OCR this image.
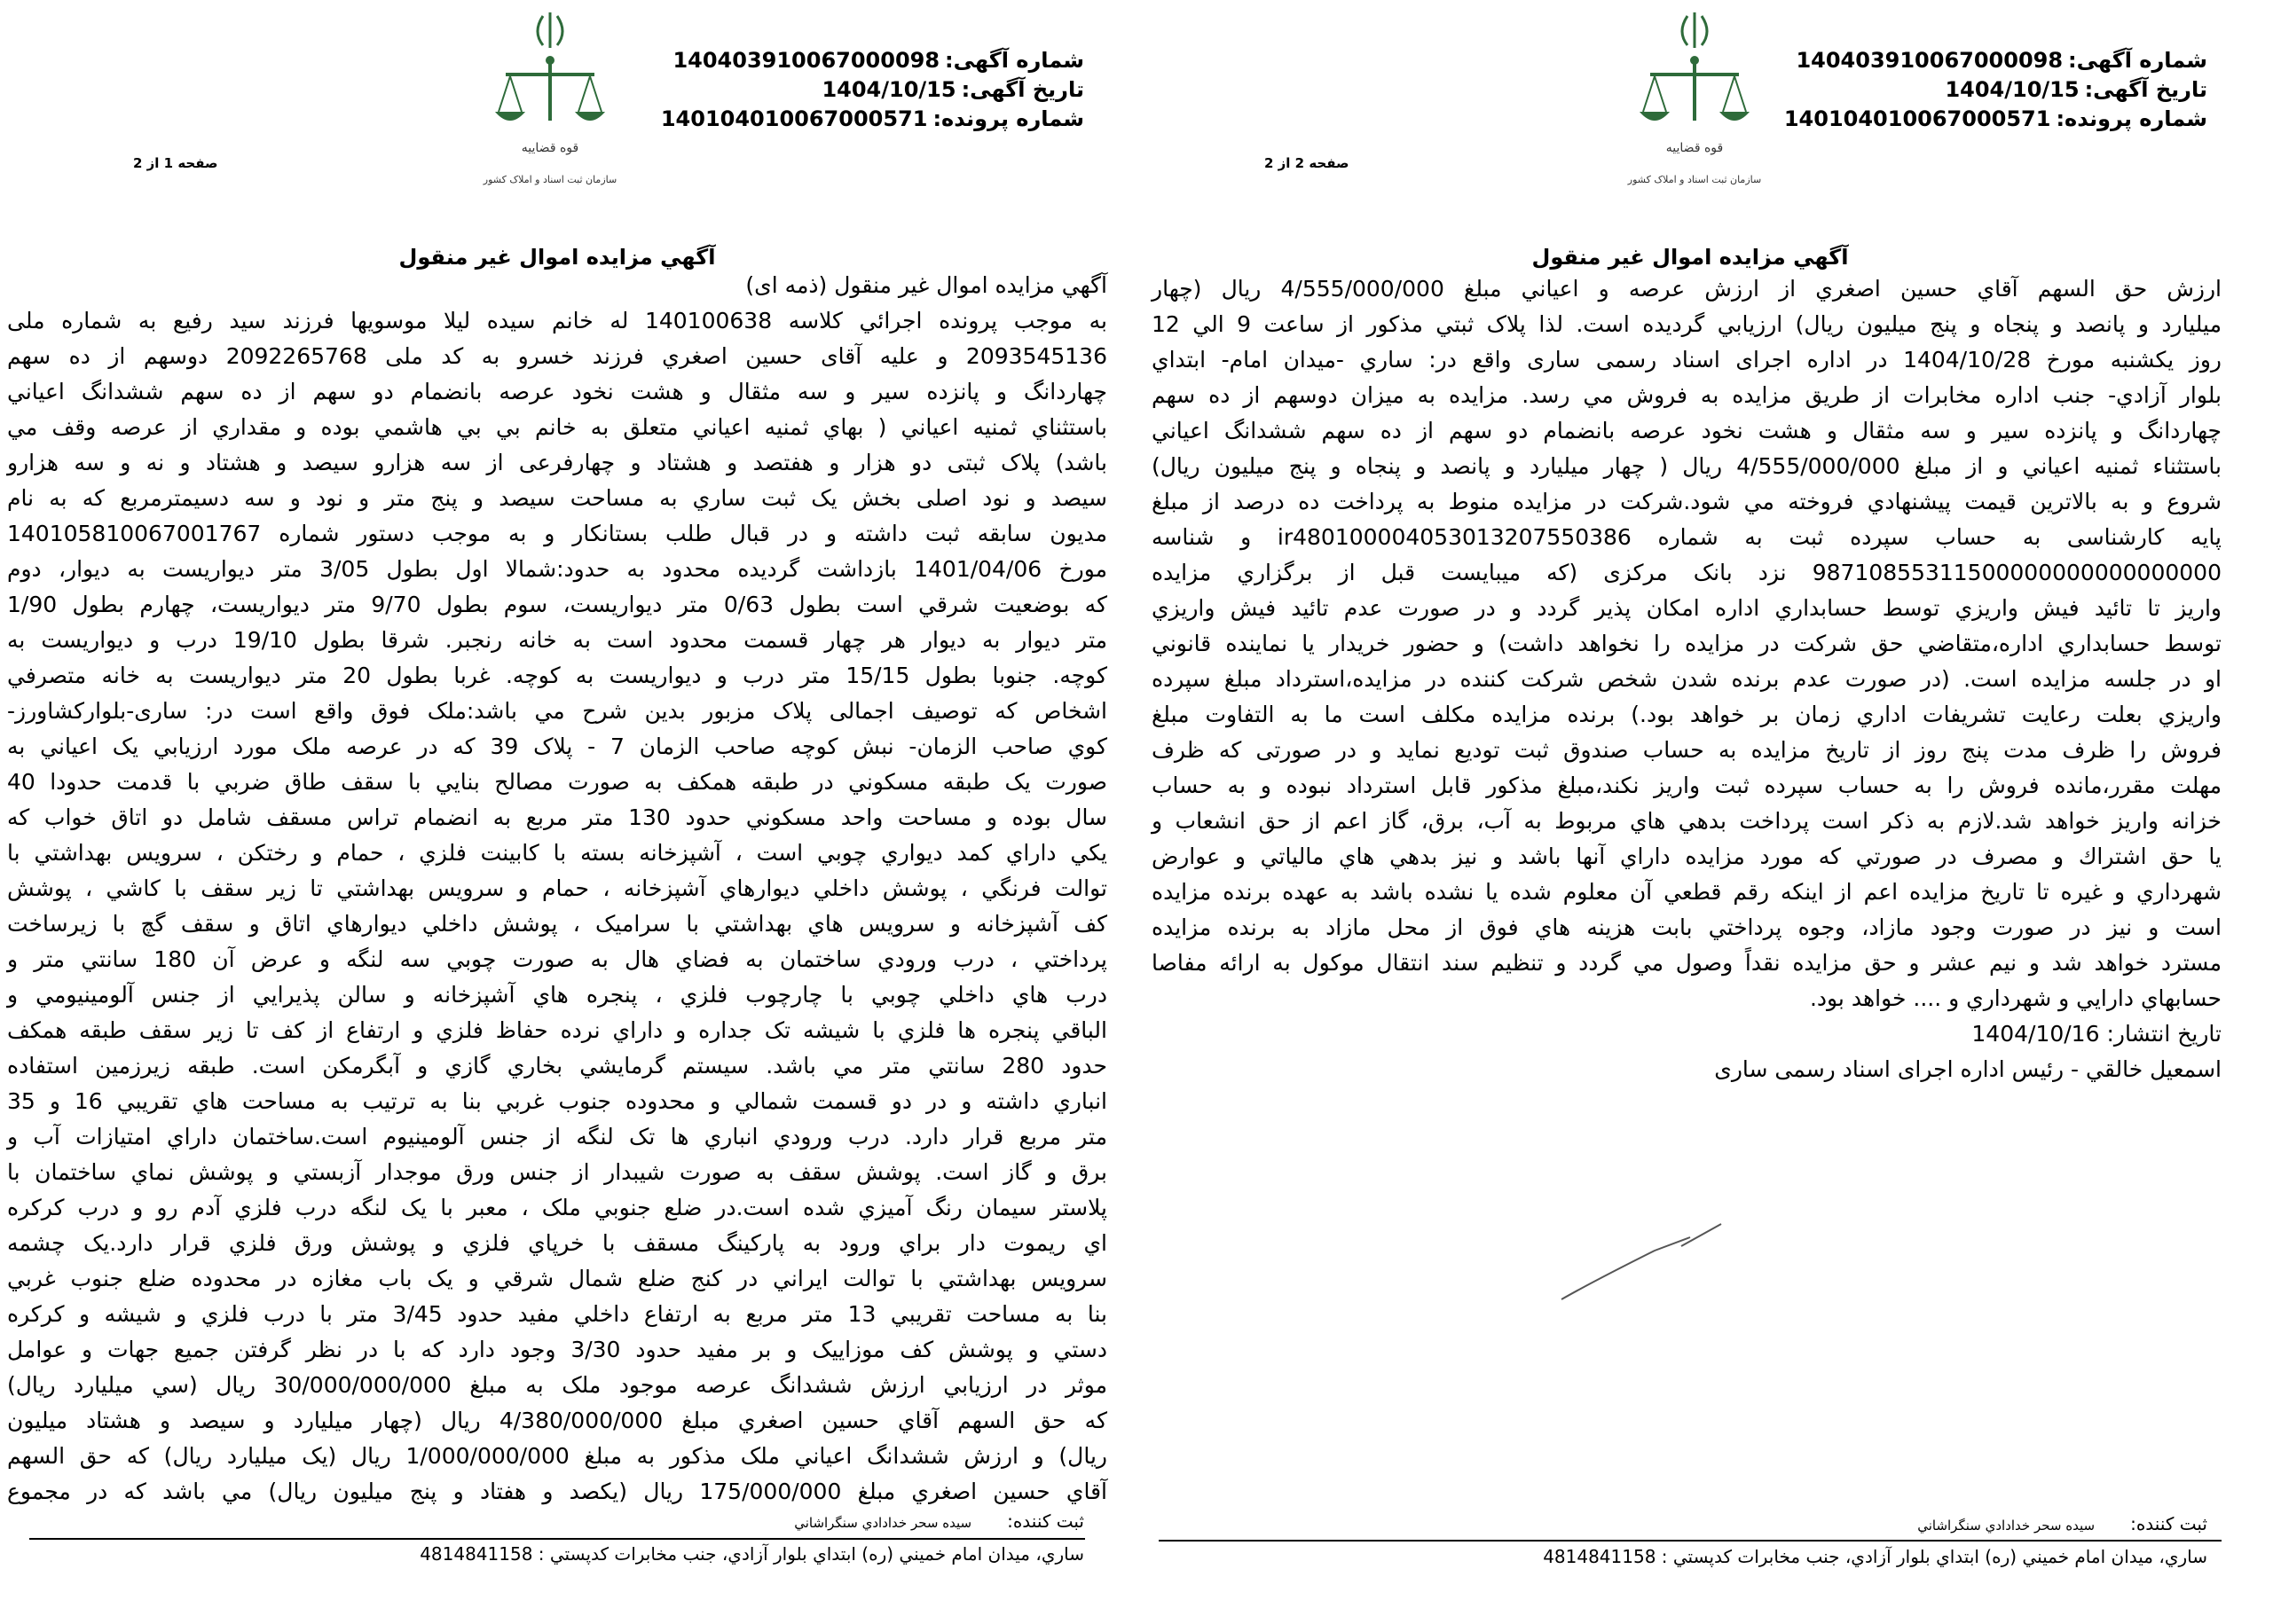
شماره آگهی:140403910067000098
تاریخ آگهی:1404/10/15
شماره پرونده:140104010067000571
قوه قضاییه
سازمان ثبت اسناد و املاک کشور
صفحه 2 از 2
آگهي مزايده اموال غير منقول
ارزش حق السهم آقاي حسين اصغري از ارزش عرصه و اعياني مبلغ 4/555/000/000 ريال (چهار
ميليارد و پانصد و پنجاه و پنج ميليون ريال) ارزيابي گرديده است. لذا پلاک ثبتي مذکور از ساعت 9 الي 12
روز يکشنبه مورخ 1404/10/28 در اداره اجرای اسناد رسمی ساری واقع در: ساري -ميدان امام- ابتداي
بلوار آزادي- جنب اداره مخابرات از طريق مزايده به فروش مي رسد. مزايده به ميزان دوسهم از ده سهم
چهاردانگ و پانزده سير و سه مثقال و هشت نخود عرصه بانضمام دو سهم از ده سهم ششدانگ اعياني
باستثناء ثمنيه اعياني و از مبلغ 4/555/000/000 ريال ( چهار ميليارد و پانصد و پنجاه و پنج ميليون ريال)
شروع و به بالاترين قيمت پيشنهادي فروخته مي شود.شرکت در مزايده منوط به پرداخت ده درصد از مبلغ
پايه کارشناسی به حساب سپرده ثبت به شماره ir480100004053013207550386 و شناسه
98710855311500000000000000000 نزد بانک مرکزی (که ميبايست قبل از برگزاري مزايده
واريز تا تائيد فيش واريزي توسط حسابداري اداره امکان پذير گردد و در صورت عدم تائيد فيش واريزي
توسط حسابداري اداره،متقاضي حق شرکت در مزايده را نخواهد داشت) و حضور خريدار يا نماينده قانوني
او در جلسه مزايده است. (در صورت عدم برنده شدن شخص شرکت کننده در مزايده،استرداد مبلغ سپرده
واريزي بعلت رعايت تشريفات اداري زمان بر خواهد بود.) برنده مزايده مکلف است ما به التفاوت مبلغ
فروش را ظرف مدت پنج روز از تاريخ مزايده به حساب صندوق ثبت توديع نمايد و در صورتی که ظرف
مهلت مقرر،مانده فروش را به حساب سپرده ثبت واريز نکند،مبلغ مذکور قابل استرداد نبوده و به حساب
خزانه واريز خواهد شد.لازم به ذکر است پرداخت بدهي هاي مربوط به آب، برق، گاز اعم از حق انشعاب و
يا حق اشتراك و مصرف در صورتي که مورد مزايده داراي آنها باشد و نيز بدهي هاي مالياتي و عوارض
شهرداري و غيره تا تاريخ مزايده اعم از اينکه رقم قطعي آن معلوم شده يا نشده باشد به عهده برنده مزايده
است و نيز در صورت وجود مازاد، وجوه پرداختي بابت هزينه هاي فوق از محل مازاد به برنده مزايده
مسترد خواهد شد و نيم عشر و حق مزايده نقداً وصول مي گردد و تنظيم سند انتقال موکول به ارائه مفاصا
حسابهاي دارايي و شهرداري و .... خواهد بود.
تاريخ انتشار: 1404/10/16
اسمعيل خالقي - رئيس اداره اجرای اسناد رسمی ساری
ثبت کننده:سيده سحر خدادادي سنگراشاني
ساري، ميدان امام خميني (ره) ابتداي بلوار آزادي، جنب مخابرات کدپستي : 4814841158
شماره آگهی:140403910067000098
تاریخ آگهی:1404/10/15
شماره پرونده:140104010067000571
قوه قضاییه
سازمان ثبت اسناد و املاک کشور
صفحه 1 از 2
آگهي مزايده اموال غير منقول
آگهي مزايده اموال غير منقول (ذمه ای)
به موجب پرونده اجرائي کلاسه 140100638 له خانم سيده ليلا موسويها فرزند سيد رفيع به شماره ملی
2093545136 و عليه آقای حسين اصغري فرزند خسرو به کد ملی 2092265768 دوسهم از ده سهم
چهاردانگ و پانزده سير و سه مثقال و هشت نخود عرصه بانضمام دو سهم از ده سهم ششدانگ اعياني
باستثناي ثمنيه اعياني ( بهاي ثمنيه اعياني متعلق به خانم بي بي هاشمي بوده و مقداري از عرصه وقف مي
باشد) پلاک ثبتی دو هزار و هفتصد و هشتاد و چهارفرعی از سه هزارو سيصد و هشتاد و نه و سه هزارو
سيصد و نود اصلی بخش يک ثبت ساري به مساحت سيصد و پنج متر و نود و سه دسيمترمربع که به نام
مديون سابقه ثبت داشته و در قبال طلب بستانکار و به موجب دستور شماره 140105810067001767
مورخ 1401/04/06 بازداشت گرديده محدود به حدود:شمالا اول بطول 3/05 متر ديواريست به ديوار، دوم
که بوضعيت شرقي است بطول 0/63 متر ديواريست، سوم بطول 9/70 متر ديواريست، چهارم بطول 1/90
متر ديوار به ديوار هر چهار قسمت محدود است به خانه رنجبر. شرقا بطول 19/10 درب و ديواريست به
کوچه. جنوبا بطول 15/15 متر درب و ديواريست به کوچه. غربا بطول 20 متر ديواريست به خانه متصرفي
اشخاص که توصيف اجمالی پلاک مزبور بدين شرح مي باشد:ملک فوق واقع است در: ساری-بلوارکشاورز-
کوي صاحب الزمان- نبش کوچه صاحب الزمان 7 - پلاک 39 که در عرصه ملک مورد ارزيابي يک اعياني به
صورت يک طبقه مسکوني در طبقه همکف به صورت مصالح بنايي با سقف طاق ضربي با قدمت حدودا 40
سال بوده و مساحت واحد مسکوني حدود 130 متر مربع به انضمام تراس مسقف شامل دو اتاق خواب که
يکي داراي کمد ديواري چوبي است ، آشپزخانه بسته با کابينت فلزي ، حمام و رختکن ، سرويس بهداشتي با
توالت فرنگي ، پوشش داخلي ديوارهاي آشپزخانه ، حمام و سرويس بهداشتي تا زير سقف با کاشي ، پوشش
کف آشپزخانه و سرويس هاي بهداشتي با سراميک ، پوشش داخلي ديوارهاي اتاق و سقف گچ با زيرساخت
پرداختي ، درب ورودي ساختمان به فضاي هال به صورت چوبي سه لنگه و عرض آن 180 سانتي متر و
درب هاي داخلي چوبي با چارچوب فلزي ، پنجره هاي آشپزخانه و سالن پذيرايي از جنس آلومينيومي و
الباقي پنجره ها فلزي با شيشه تک جداره و داراي نرده حفاظ فلزي و ارتفاع از کف تا زير سقف طبقه همکف
حدود 280 سانتي متر مي باشد. سيستم گرمايشي بخاري گازي و آبگرمکن است. طبقه زيرزمين استفاده
انباري داشته و در دو قسمت شمالي و محدوده جنوب غربي بنا به ترتيب به مساحت هاي تقريبي 16 و 35
متر مربع قرار دارد. درب ورودي انباري ها تک لنگه از جنس آلومينيوم است.ساختمان داراي امتيازات آب و
برق و گاز است. پوشش سقف به صورت شيبدار از جنس ورق موجدار آزبستي و پوشش نماي ساختمان با
پلاستر سيمان رنگ آميزي شده است.در ضلع جنوبي ملک ، معبر با يک لنگه درب فلزي آدم رو و درب کرکره
اي ريموت دار براي ورود به پارکينگ مسقف با خرپاي فلزي و پوشش ورق فلزي قرار دارد.يک چشمه
سرويس بهداشتي با توالت ايراني در کنج ضلع شمال شرقي و يک باب مغازه در محدوده ضلع جنوب غربي
بنا به مساحت تقريبي 13 متر مربع به ارتفاع داخلي مفيد حدود 3/45 متر با درب فلزي و شيشه و کرکره
دستي و پوشش کف موزاييک و بر مفيد حدود 3/30 وجود دارد که با در نظر گرفتن جميع جهات و عوامل
موثر در ارزيابي ارزش ششدانگ عرصه موجود ملک به مبلغ 30/000/000/000 ريال (سي ميليارد ريال)
که حق السهم آقاي حسين اصغري مبلغ 4/380/000/000 ريال (چهار ميليارد و سيصد و هشتاد ميليون
ريال) و ارزش ششدانگ اعياني ملک مذکور به مبلغ 1/000/000/000 ريال (يک ميليارد ريال) که حق السهم
آقاي حسين اصغري مبلغ 175/000/000 ريال (يکصد و هفتاد و پنج ميليون ريال) مي باشد که در مجموع
ثبت کننده:سيده سحر خدادادي سنگراشاني
ساري، ميدان امام خميني (ره) ابتداي بلوار آزادي، جنب مخابرات کدپستي : 4814841158
